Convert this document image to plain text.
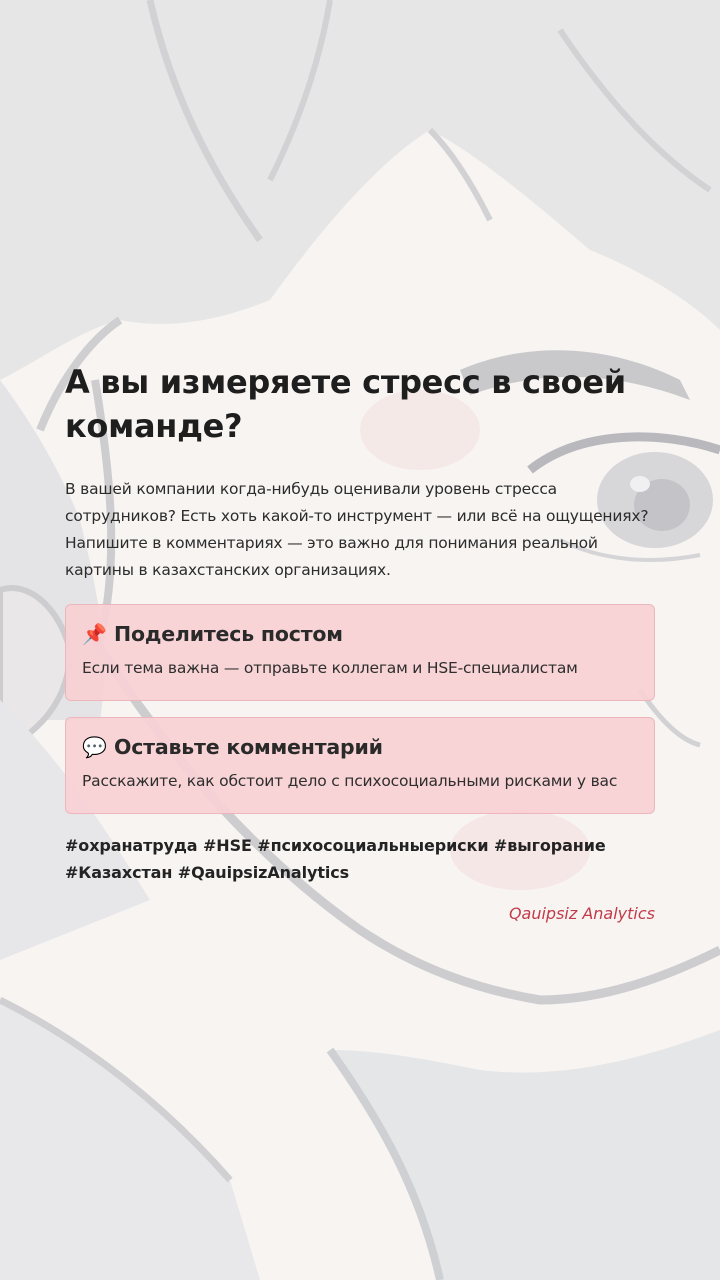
А вы измеряете стресс в своей команде?

В вашей компании когда-нибудь оценивали уровень стресса сотрудников? Есть хоть какой-то инструмент — или всё на ощущениях? Напишите в комментариях — это важно для понимания реальной картины в казахстанских организациях.

📌 Поделитесь постом
Если тема важна — отправьте коллегам и HSE-специалистам
💬 Оставьте комментарий
Расскажите, как обстоит дело с психосоциальными рисками у вас
#охранатруда #HSE #психосоциальныериски #выгорание #Казахстан #QauipsizAnalytics
Qauipsiz Analytics
